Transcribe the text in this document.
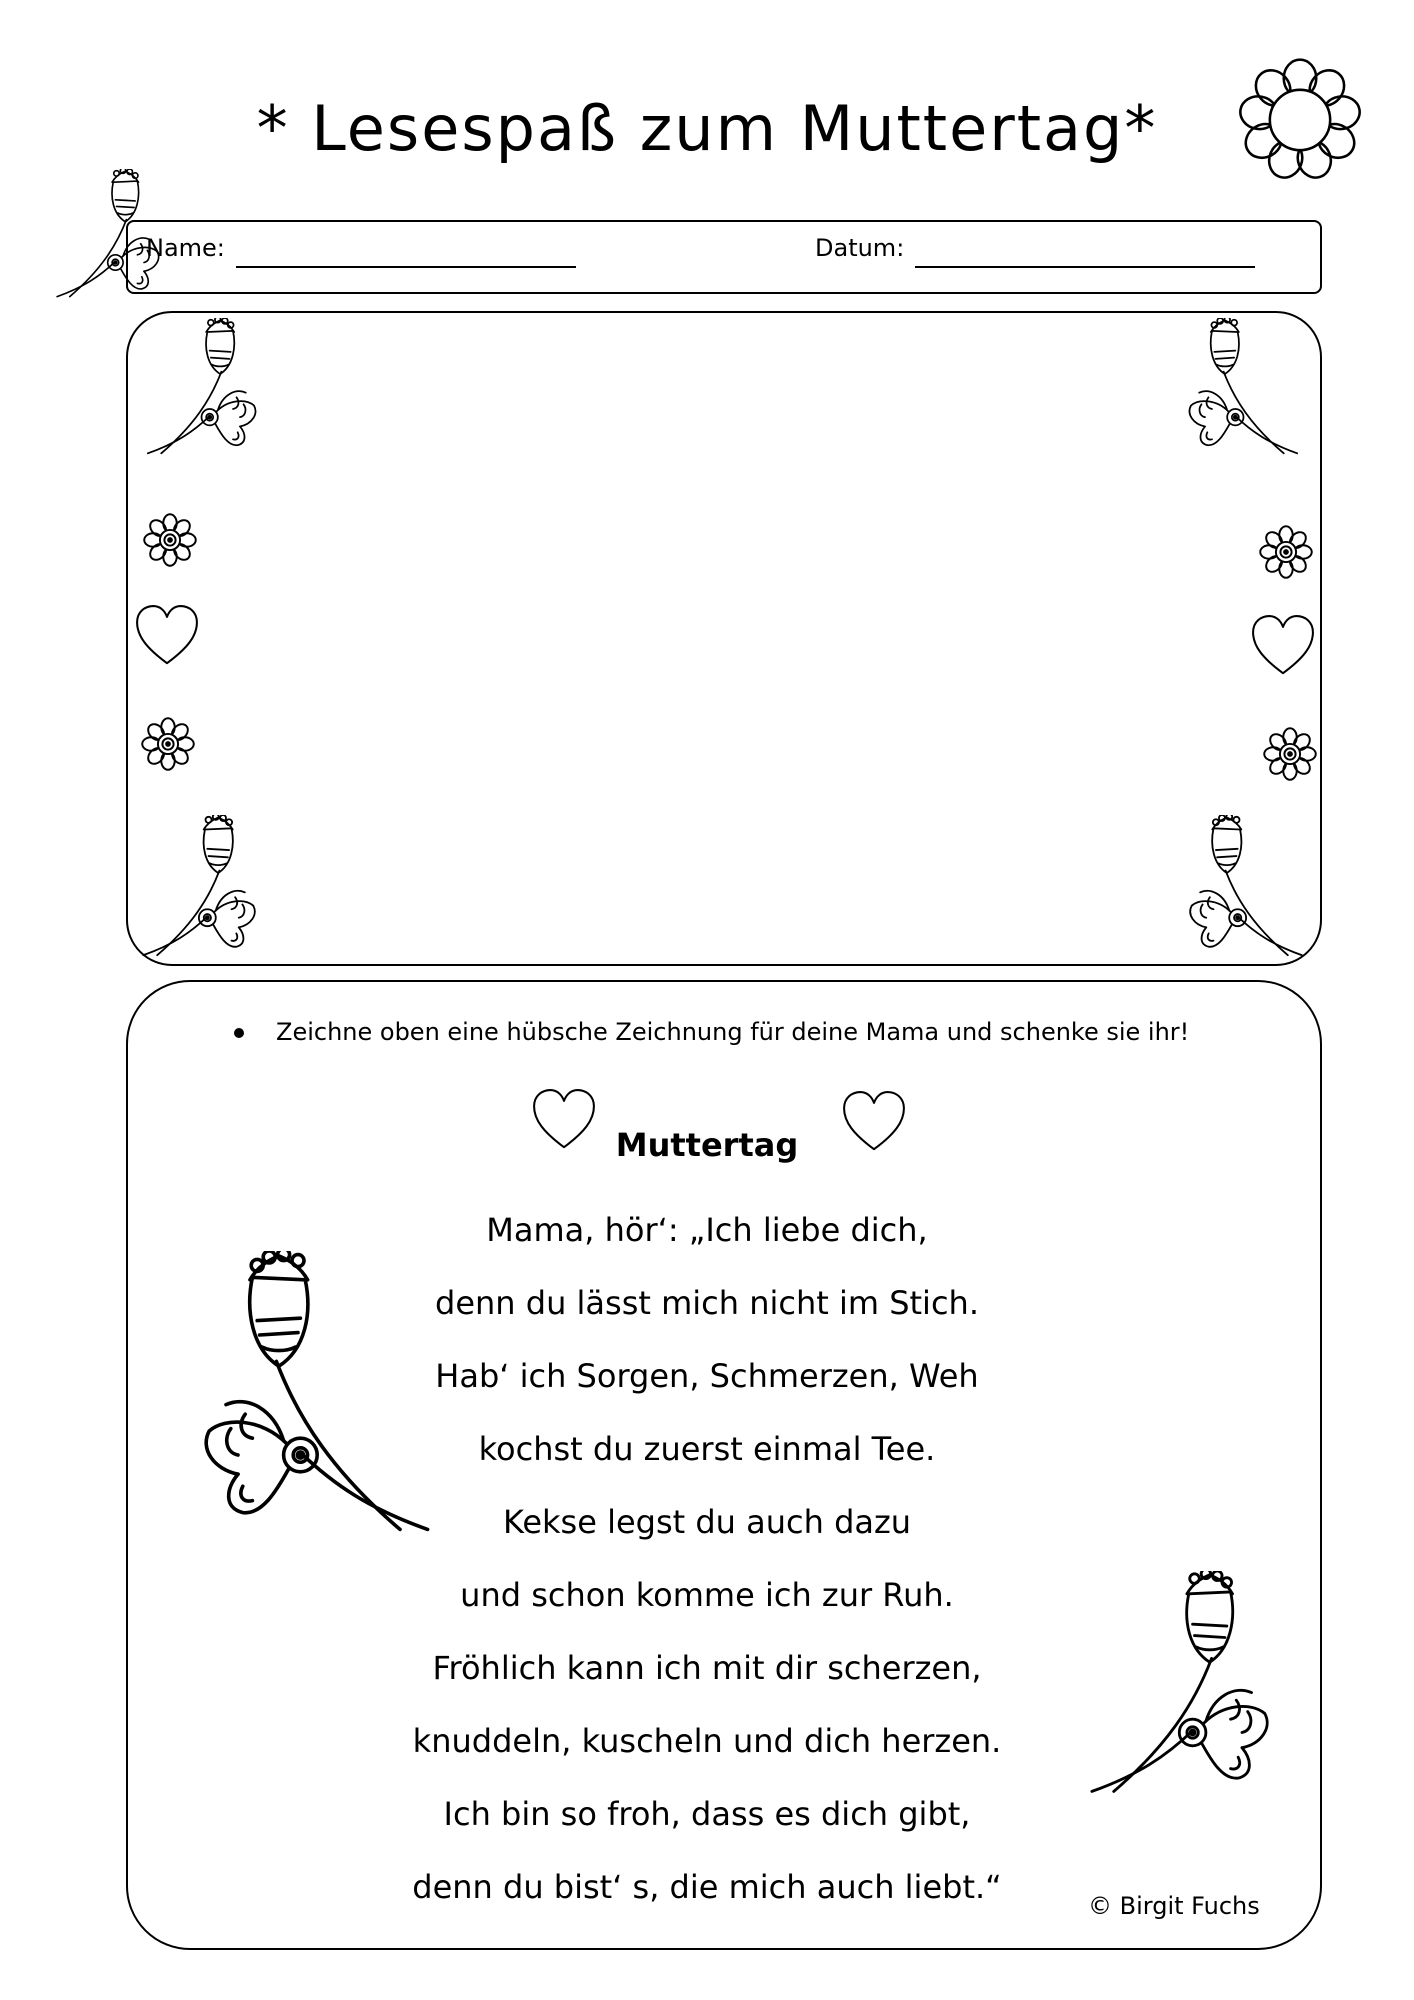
* Lesespaß zum Muttertag*
Name:	Datum:
Zeichne oben eine hübsche Zeichnung für deine Mama und schenke sie ihr!
Muttertag
Mama, hör‘: „Ich liebe dich,
denn du lässt mich nicht im Stich.
Hab‘ ich Sorgen, Schmerzen, Weh
kochst du zuerst einmal Tee.
Kekse legst du auch dazu
und schon komme ich zur Ruh.
Fröhlich kann ich mit dir scherzen,
knuddeln, kuscheln und dich herzen.
Ich bin so froh, dass es dich gibt,
denn du bist‘ s, die mich auch liebt.“	© Birgit Fuchs
